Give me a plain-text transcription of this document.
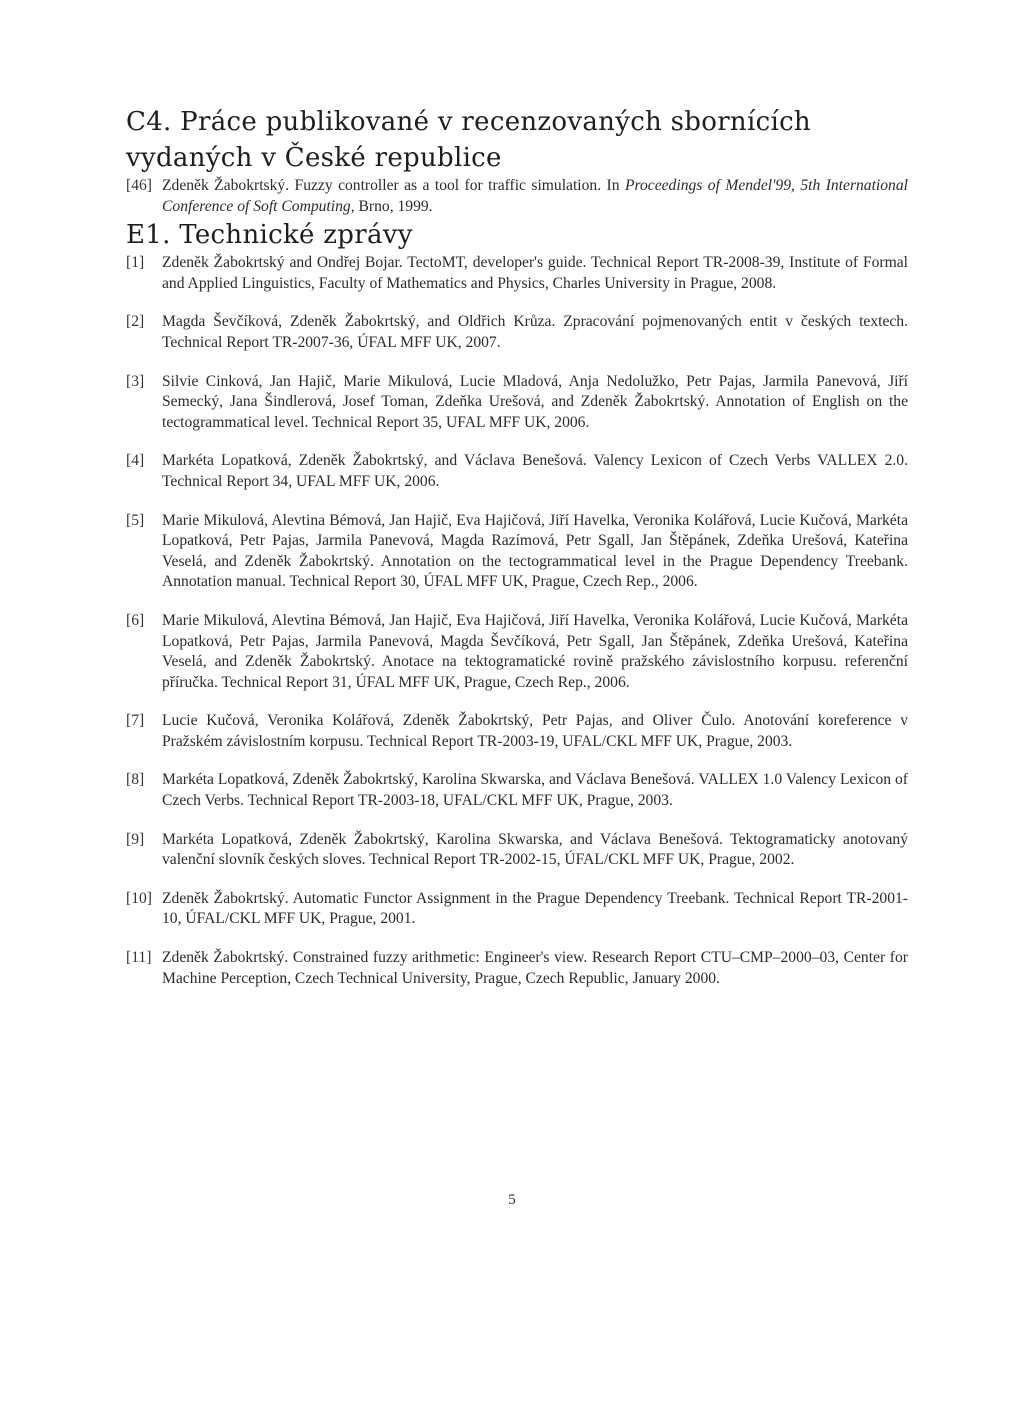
C4. Práce publikované v recenzovaných sbornících vydaných v České republice
[46] Zdeněk Žabokrtský. Fuzzy controller as a tool for traffic simulation. In Proceedings of Mendel'99, 5th International Conference of Soft Computing, Brno, 1999.
E1. Technické zprávy
[1]	Zdeněk Žabokrtský and Ondřej Bojar. TectoMT, developer's guide. Technical Report TR-2008-39, Institute of Formal and Applied Linguistics, Faculty of Mathematics and Physics, Charles University in Prague, 2008.
[2]	Magda Ševčíková, Zdeněk Žabokrtský, and Oldřich Krůza. Zpracování pojmenovaných entit v českých textech. Technical Report TR-2007-36, ÚFAL MFF UK, 2007.
[3]	Silvie Cinková, Jan Hajič, Marie Mikulová, Lucie Mladová, Anja Nedolužko, Petr Pajas, Jarmila Panevová, Jiří Semecký, Jana Šindlerová, Josef Toman, Zdeňka Urešová, and Zdeněk Žabokrtský. Annotation of English on the tectogrammatical level. Technical Report 35, UFAL MFF UK, 2006.
[4]	Markéta Lopatková, Zdeněk Žabokrtský, and Václava Benešová. Valency Lexicon of Czech Verbs VALLEX 2.0. Technical Report 34, UFAL MFF UK, 2006.
[5]	Marie Mikulová, Alevtina Bémová, Jan Hajič, Eva Hajičová, Jiří Havelka, Veronika Kolářová, Lucie Kučová, Markéta Lopatková, Petr Pajas, Jarmila Panevová, Magda Razímová, Petr Sgall, Jan Štěpánek, Zdeňka Urešová, Kateřina Veselá, and Zdeněk Žabokrtský. Annotation on the tectogrammatical level in the Prague Dependency Treebank. Annotation manual. Technical Report 30, ÚFAL MFF UK, Prague, Czech Rep., 2006.
[6]	Marie Mikulová, Alevtina Bémová, Jan Hajič, Eva Hajičová, Jiří Havelka, Veronika Kolářová, Lucie Kučová, Markéta Lopatková, Petr Pajas, Jarmila Panevová, Magda Ševčíková, Petr Sgall, Jan Štěpánek, Zdeňka Urešová, Kateřina Veselá, and Zdeněk Žabokrtský. Anotace na tektogramatické rovině pražského závislostního korpusu. referenční příručka. Technical Report 31, ÚFAL MFF UK, Prague, Czech Rep., 2006.
[7]	Lucie Kučová, Veronika Kolářová, Zdeněk Žabokrtský, Petr Pajas, and Oliver Čulo. Anotování koreference v Pražském závislostním korpusu. Technical Report TR-2003-19, UFAL/CKL MFF UK, Prague, 2003.
[8]	Markéta Lopatková, Zdeněk Žabokrtský, Karolina Skwarska, and Václava Benešová. VALLEX 1.0 Valency Lexicon of Czech Verbs. Technical Report TR-2003-18, UFAL/CKL MFF UK, Prague, 2003.
[9]	Markéta Lopatková, Zdeněk Žabokrtský, Karolina Skwarska, and Václava Benešová. Tektogramaticky anotovaný valenční slovník českých sloves. Technical Report TR-2002-15, ÚFAL/CKL MFF UK, Prague, 2002.
[10] Zdeněk Žabokrtský. Automatic Functor Assignment in the Prague Dependency Treebank. Technical Report TR-2001-10, ÚFAL/CKL MFF UK, Prague, 2001.
[11] Zdeněk Žabokrtský. Constrained fuzzy arithmetic: Engineer's view. Research Report CTU–CMP–2000–03, Center for Machine Perception, Czech Technical University, Prague, Czech Republic, January 2000.
5
